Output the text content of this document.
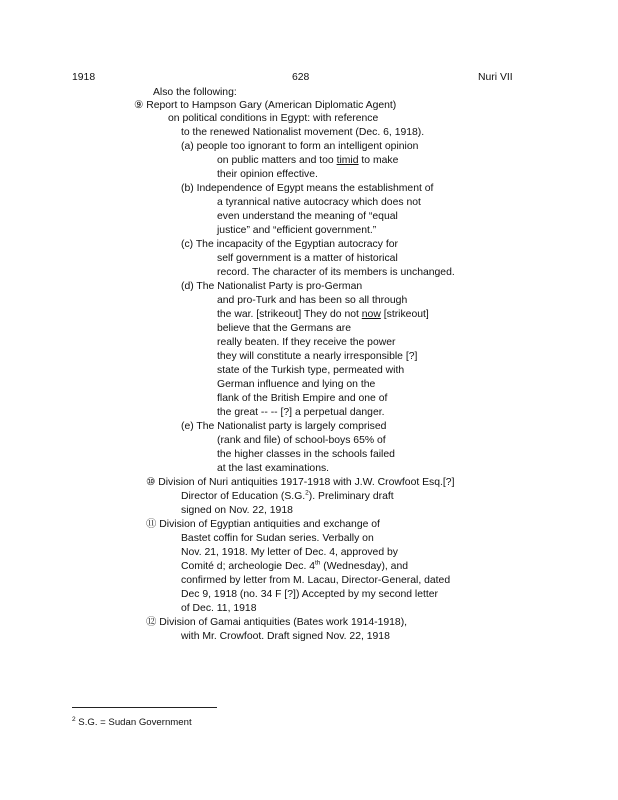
1918	628	Nuri VII
Also the following:
⑨ Report to Hampson Gary (American Diplomatic Agent)
on political conditions in Egypt: with reference
to the renewed Nationalist movement (Dec. 6, 1918).
(a) people too ignorant to form an intelligent opinion
on public matters and too timid to make
their opinion effective.
(b) Independence of Egypt means the establishment of
a tyrannical native autocracy which does not
even understand the meaning of “equal
justice” and “efficient government.”
(c) The incapacity of the Egyptian autocracy for
self government is a matter of historical
record. The character of its members is unchanged.
(d) The Nationalist Party is pro-German
and pro-Turk and has been so all through
the war. [strikeout] They do not now [strikeout]
believe that the Germans are
really beaten. If they receive the power
they will constitute a nearly irresponsible [?]
state of the Turkish type, permeated with
German influence and lying on the
flank of the British Empire and one of
the great -- -- [?] a perpetual danger.
(e) The Nationalist party is largely comprised
(rank and file) of school-boys 65% of
the higher classes in the schools failed
at the last examinations.
⑩ Division of Nuri antiquities 1917-1918 with J.W. Crowfoot Esq.[?]
Director of Education (S.G.$^2$). Preliminary draft
signed on Nov. 22, 1918
⑪ Division of Egyptian antiquities and exchange of
Bastet coffin for Sudan series. Verbally on
Nov. 21, 1918. My letter of Dec. 4, approved by
Comité d; archeologie Dec. 4th (Wednesday), and
confirmed by letter from M. Lacau, Director-General, dated
Dec 9, 1918 (no. 34 F [?]) Accepted by my second letter
of Dec. 11, 1918
⑫ Division of Gamai antiquities (Bates work 1914-1918),
with Mr. Crowfoot. Draft signed Nov. 22, 1918
$^2$ S.G. = Sudan Government
